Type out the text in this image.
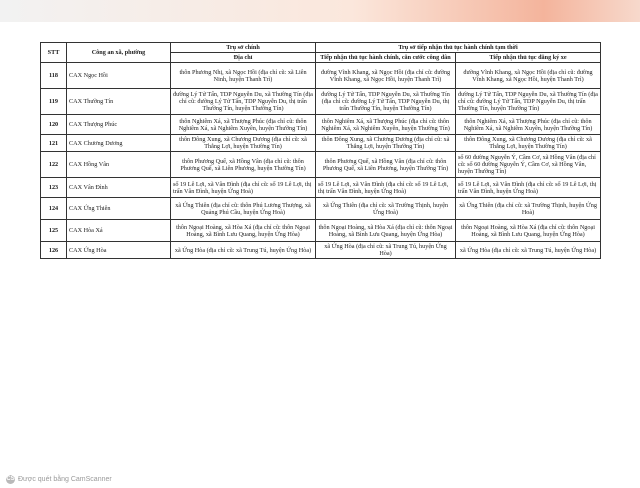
STT	Công an xã, phường	Trụ sở chính	Trụ sở tiếp nhận thủ tục hành chính tạm thời	
		Địa chỉ	Tiếp nhận thủ tục hành chính, căn cước công dân	Tiếp nhận thủ tục đăng ký xe
118	CAX Ngọc Hồi	thôn Phương Nhị, xã Ngọc Hồi (địa chỉ cũ: xã Liên Ninh, huyện Thanh Trì)	đường Vĩnh Khang, xã Ngọc Hồi (địa chỉ cũ: đường Vĩnh Khang, xã Ngọc Hồi, huyện Thanh Trì)	đường Vĩnh Khang, xã Ngọc Hồi (địa chỉ cũ: đường Vĩnh Khang, xã Ngọc Hồi, huyện Thanh Trì)
119	CAX Thường Tín	đường Lý Tử Tấn, TDP Nguyễn Du, xã Thường Tín (địa chỉ cũ: đường Lý Tử Tấn, TDP Nguyễn Du, thị trấn Thường Tín, huyện Thường Tín)	đường Lý Tử Tấn, TDP Nguyễn Du, xã Thường Tín (địa chỉ cũ: đường Lý Tử Tấn, TDP Nguyễn Du, thị trấn Thường Tín, huyện Thường Tín)	đường Lý Tử Tấn, TDP Nguyễn Du, xã Thường Tín (địa chỉ cũ: đường Lý Tử Tấn, TDP Nguyễn Du, thị trấn Thường Tín, huyện Thường Tín)
120	CAX Thượng Phúc	thôn Nghiêm Xá, xã Thượng Phúc (địa chỉ cũ: thôn Nghiêm Xá, xã Nghiêm Xuyên, huyện Thường Tín)	thôn Nghiêm Xá, xã Thượng Phúc (địa chỉ cũ: thôn Nghiêm Xá, xã Nghiêm Xuyên, huyện Thường Tín)	thôn Nghiêm Xá, xã Thượng Phúc (địa chỉ cũ: thôn Nghiêm Xá, xã Nghiêm Xuyên, huyện Thường Tín)
121	CAX Chương Dương	thôn Đông Xung, xã Chương Dương (địa chỉ cũ: xã Thắng Lợi, huyện Thường Tín)	thôn Đông Xung, xã Chương Dương (địa chỉ cũ: xã Thắng Lợi, huyện Thường Tín)	thôn Đông Xung, xã Chương Dương (địa chỉ cũ: xã Thắng Lợi, huyện Thường Tín)
122	CAX Hồng Vân	thôn Phương Quế, xã Hồng Vân (địa chỉ cũ: thôn Phương Quế, xã Liên Phương, huyện Thường Tín)	thôn Phương Quế, xã Hồng Vân (địa chỉ cũ: thôn Phương Quế, xã Liên Phương, huyện Thường Tín)	số 60 đường Nguyễn Ý, Cầm Cơ, xã Hồng Vân (địa chỉ cũ: số 60 đường Nguyễn Ý, Cầm Cơ, xã Hồng Vân, huyện Thường Tín)
123	CAX Vân Đình	số 19 Lê Lợi, xã Vân Đình (địa chỉ cũ: số 19 Lê Lợi, thị trấn Vân Đình, huyện Ứng Hoà)	số 19 Lê Lợi, xã Vân Đình (địa chỉ cũ: số 19 Lê Lợi, thị trấn Vân Đình, huyện Ứng Hoà)	số 19 Lê Lợi, xã Vân Đình (địa chỉ cũ: số 19 Lê Lợi, thị trấn Vân Đình, huyện Ứng Hoà)
124	CAX Ứng Thiên	xã Ứng Thiên (địa chỉ cũ: thôn Phú Lương Thượng, xã Quảng Phú Cầu, huyện Ứng Hoà)	xã Ứng Thiên (địa chỉ cũ: xã Trường Thịnh, huyện Ứng Hoà)	xã Ứng Thiên (địa chỉ cũ: xã Trường Thịnh, huyện Ứng Hoà)
125	CAX Hòa Xá	thôn Ngoại Hoàng, xã Hòa Xá (địa chỉ cũ: thôn Ngoại Hoàng, xã Bình Lưu Quang, huyện Ứng Hòa)	thôn Ngoại Hoàng, xã Hòa Xá (địa chỉ cũ: thôn Ngoại Hoàng, xã Bình Lưu Quang, huyện Ứng Hòa)	thôn Ngoại Hoàng, xã Hòa Xá (địa chỉ cũ: thôn Ngoại Hoàng, xã Bình Lưu Quang, huyện Ứng Hòa)
126	CAX Ứng Hòa	xã Ứng Hòa (địa chỉ cũ: xã Trung Tú, huyện Ứng Hòa)	xã Ứng Hòa (địa chỉ cũ: xã Trung Tú, huyện Ứng Hòa)	xã Ứng Hòa (địa chỉ cũ: xã Trung Tú, huyện Ứng Hòa)
CS Được quét bằng CamScanner
